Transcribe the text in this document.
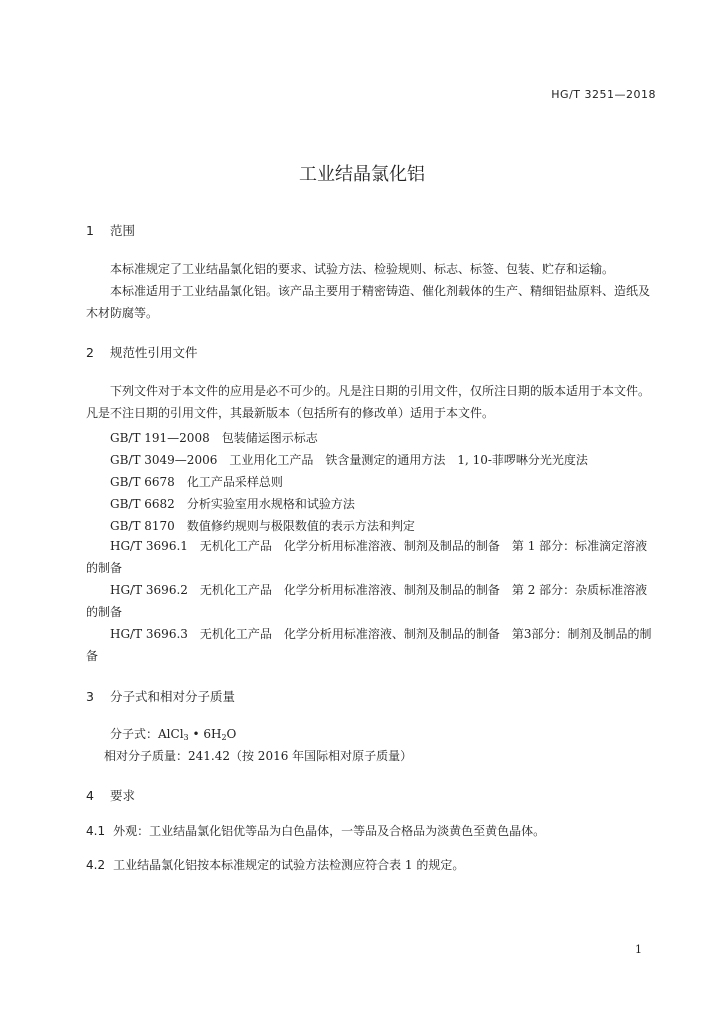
HG/T 3251—2018
工业结晶氯化铝
1 范围
本标准规定了工业结晶氯化铝的要求、试验方法、检验规则、标志、标签、包装、贮存和运输。
本标准适用于工业结晶氯化铝。该产品主要用于精密铸造、催化剂载体的生产、精细铝盐原料、造纸及木材防腐等。
2 规范性引用文件
下列文件对于本文件的应用是必不可少的。凡是注日期的引用文件，仅所注日期的版本适用于本文件。凡是不注日期的引用文件，其最新版本（包括所有的修改单）适用于本文件。
GB/T 191—2008 包装储运图示标志
GB/T 3049—2006 工业用化工产品　铁含量测定的通用方法　1, 10-菲啰啉分光光度法
GB/T 6678 化工产品采样总则
GB/T 6682 分析实验室用水规格和试验方法
GB/T 8170 数值修约规则与极限数值的表示方法和判定
HG/T 3696.1　无机化工产品　化学分析用标准溶液、制剂及制品的制备　第 1 部分：标准滴定溶液的制备
HG/T 3696.2　无机化工产品　化学分析用标准溶液、制剂及制品的制备　第 2 部分：杂质标准溶液的制备
HG/T 3696.3　无机化工产品　化学分析用标准溶液、制剂及制品的制备　第3部分：制剂及制品的制备
3 分子式和相对分子质量
分子式：AlCl$_3$ • $6H_2O$
相对分子质量：241.42（按 2016 年国际相对原子质量）
4 要求
4.1 外观：工业结晶氯化铝优等品为白色晶体，一等品及合格品为淡黄色至黄色晶体。
4.2 工业结晶氯化铝按本标准规定的试验方法检测应符合表 1 的规定。
1
